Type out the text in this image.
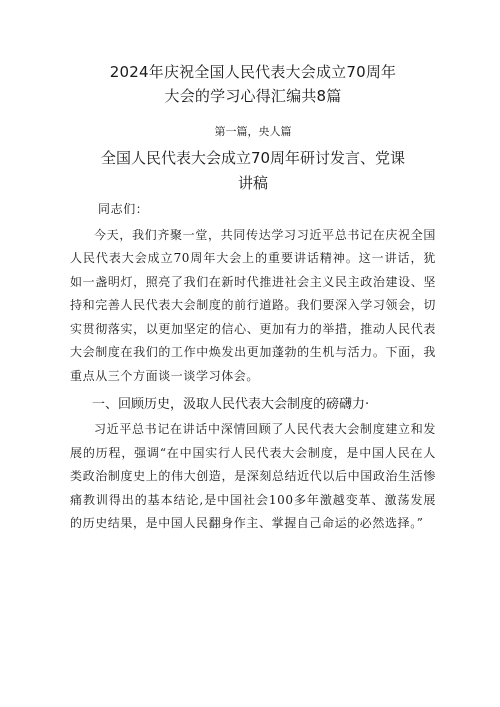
2024年庆祝全国人民代表大会成立70周年
大会的学习心得汇编共8篇
第一篇，央人篇
全国人民代表大会成立70周年研讨发言、党课
讲稿
同志们：

今天，我们齐聚一堂，共同传达学习习近平总书记在庆祝全国人民代表大会成立70周年大会上的重要讲话精神。这一讲话，犹如一盏明灯，照亮了我们在新时代推进社会主义民主政治建设、坚持和完善人民代表大会制度的前行道路。我们要深入学习领会，切实贯彻落实，以更加坚定的信心、更加有力的举措，推动人民代表大会制度在我们的工作中焕发出更加蓬勃的生机与活力。下面，我重点从三个方面谈一谈学习体会。

一、回顾历史，汲取人民代表大会制度的磅礴力·

习近平总书记在讲话中深情回顾了人民代表大会制度建立和发展的历程，强调“在中国实行人民代表大会制度，是中国人民在人类政治制度史上的伟大创造，是深刻总结近代以后中国政治生活惨痛教训得出的基本结论,是中国社会100多年激越变革、激荡发展的历史结果，是中国人民翻身作主、掌握自己命运的必然选择。”
